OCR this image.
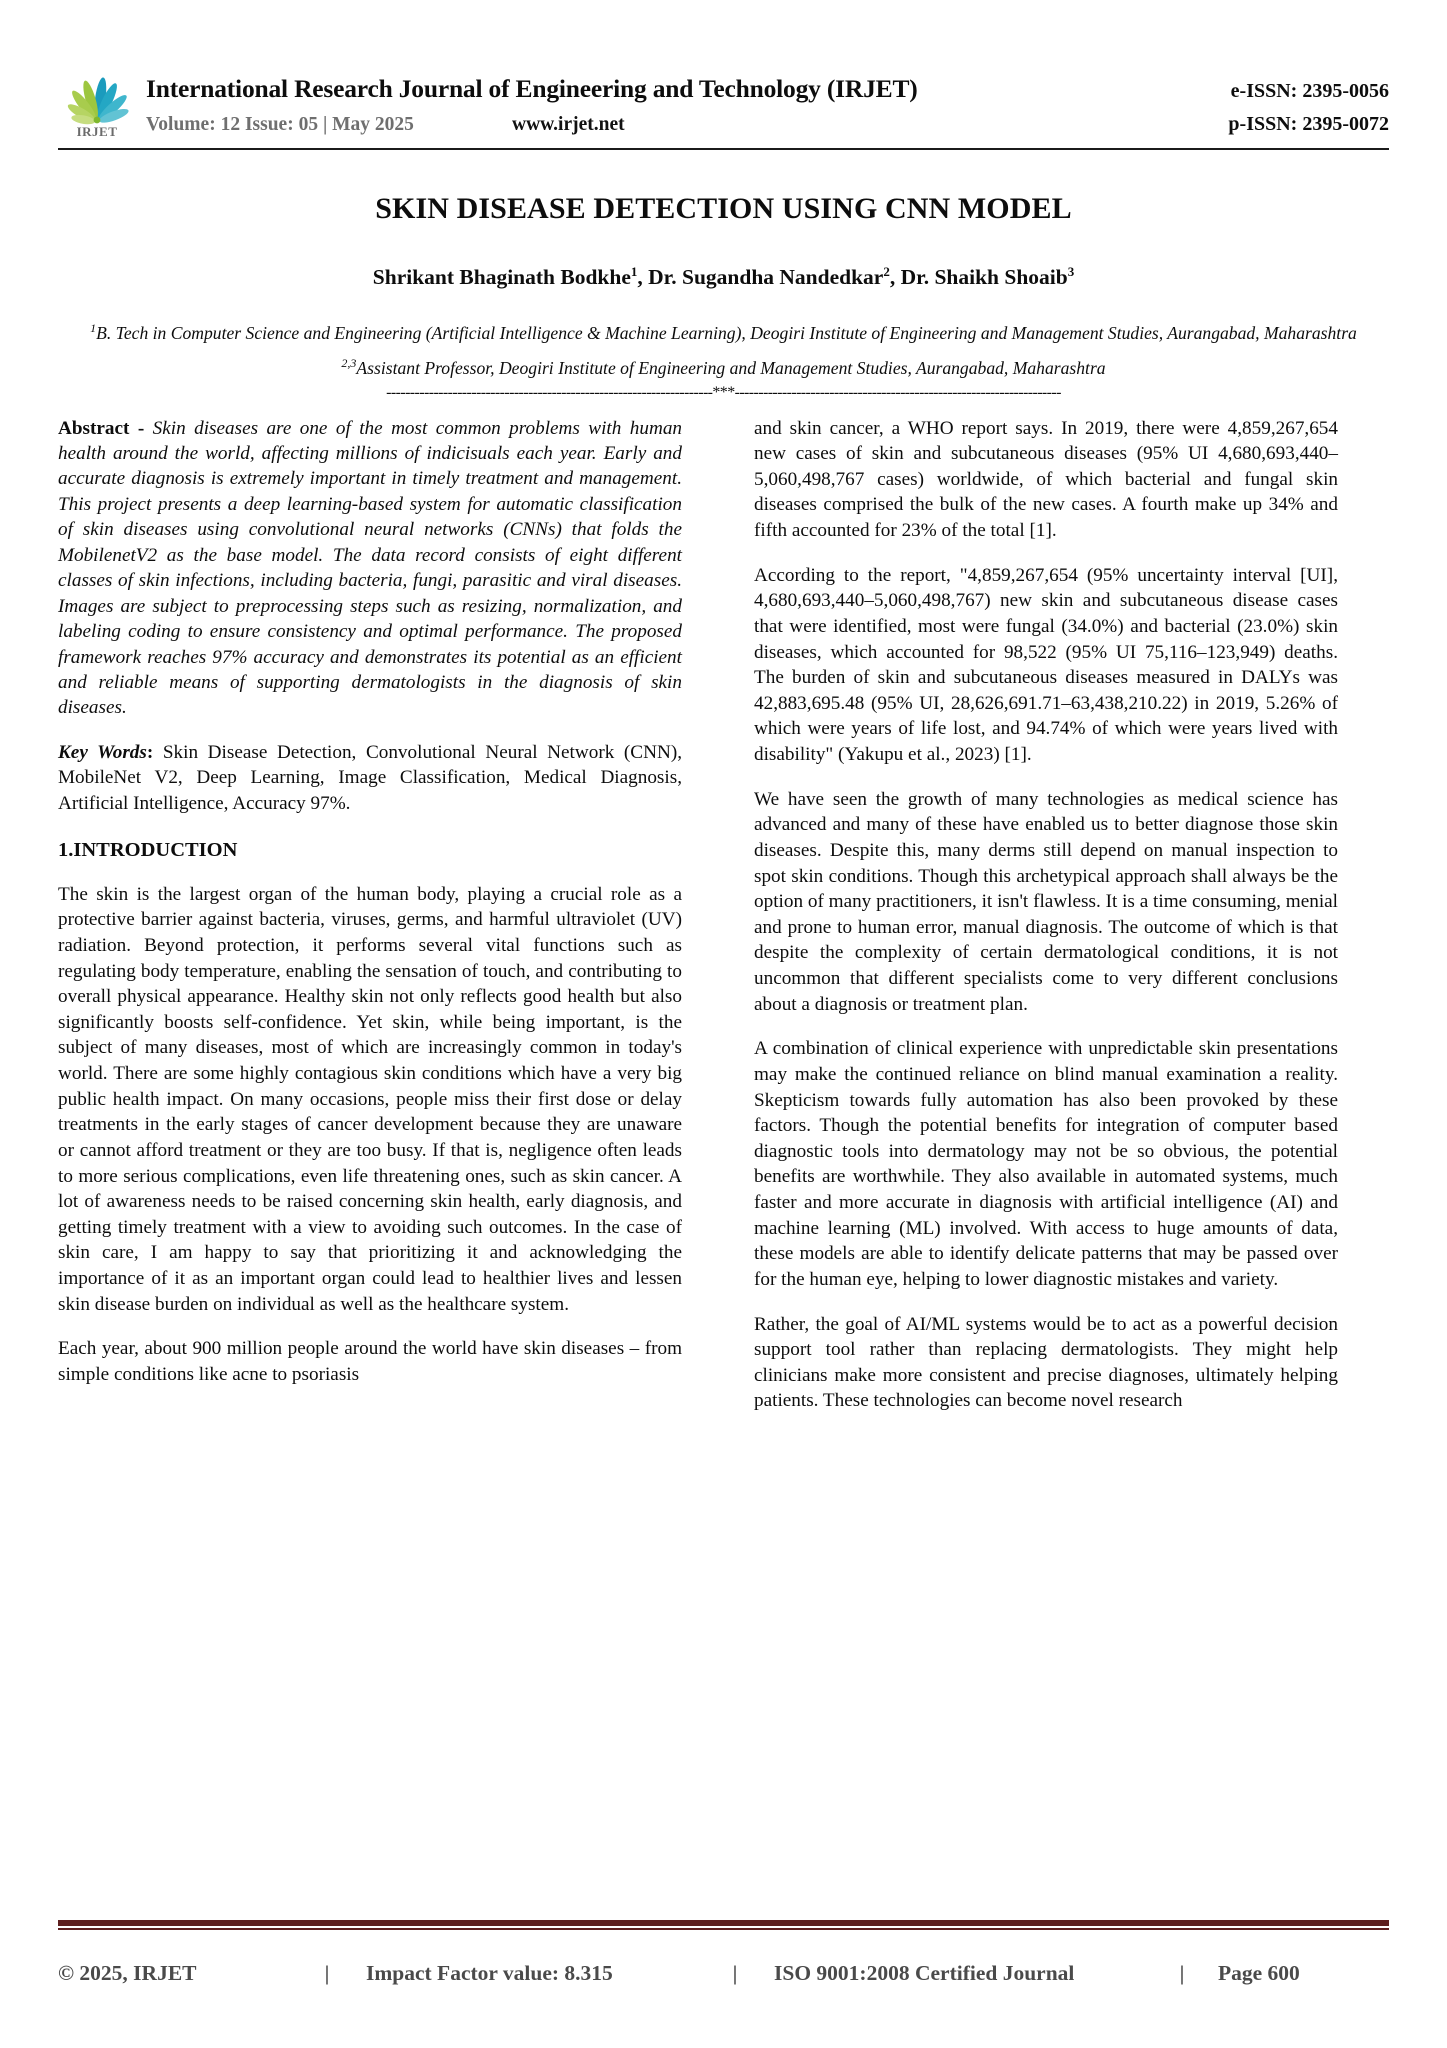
IRJET
International Research Journal of Engineering and Technology (IRJET)	e-ISSN: 2395-0056
Volume: 12 Issue: 05 | May 2025	www.irjet.net	p-ISSN: 2395-0072
SKIN DISEASE DETECTION USING CNN MODEL
Shrikant Bhaginath Bodkhe$^1$, Dr. Sugandha Nandedkar$^2$, Dr. Shaikh Shoaib$^3$
$^1$B. Tech in Computer Science and Engineering (Artificial Intelligence & Machine Learning), Deogiri Institute of Engineering and Management Studies, Aurangabad, Maharashtra
$^{2,3}$Assistant Professor, Deogiri Institute of Engineering and Management Studies, Aurangabad, Maharashtra
---------------------------------------------------------------------***---------------------------------------------------------------------

Abstract - Skin diseases are one of the most common problems with human health around the world, affecting millions of indicisuals each year. Early and accurate diagnosis is extremely important in timely treatment and management. This project presents a deep learning-based system for automatic classification of skin diseases using convolutional neural networks (CNNs) that folds the MobilenetV2 as the base model. The data record consists of eight different classes of skin infections, including bacteria, fungi, parasitic and viral diseases. Images are subject to preprocessing steps such as resizing, normalization, and labeling coding to ensure consistency and optimal performance. The proposed framework reaches 97% accuracy and demonstrates its potential as an efficient and reliable means of supporting dermatologists in the diagnosis of skin diseases.

Key Words: Skin Disease Detection, Convolutional Neural Network (CNN), MobileNet V2, Deep Learning, Image Classification, Medical Diagnosis, Artificial Intelligence, Accuracy 97%.

1.INTRODUCTION

The skin is the largest organ of the human body, playing a crucial role as a protective barrier against bacteria, viruses, germs, and harmful ultraviolet (UV) radiation. Beyond protection, it performs several vital functions such as regulating body temperature, enabling the sensation of touch, and contributing to overall physical appearance. Healthy skin not only reflects good health but also significantly boosts self-confidence. Yet skin, while being important, is the subject of many diseases, most of which are increasingly common in today's world. There are some highly contagious skin conditions which have a very big public health impact. On many occasions, people miss their first dose or delay treatments in the early stages of cancer development because they are unaware or cannot afford treatment or they are too busy. If that is, negligence often leads to more serious complications, even life threatening ones, such as skin cancer. A lot of awareness needs to be raised concerning skin health, early diagnosis, and getting timely treatment with a view to avoiding such outcomes. In the case of skin care, I am happy to say that prioritizing it and acknowledging the importance of it as an important organ could lead to healthier lives and lessen skin disease burden on individual as well as the healthcare system.

Each year, about 900 million people around the world have skin diseases – from simple conditions like acne to psoriasis

and skin cancer, a WHO report says. In 2019, there were 4,859,267,654 new cases of skin and subcutaneous diseases (95% UI 4,680,693,440–5,060,498,767 cases) worldwide, of which bacterial and fungal skin diseases comprised the bulk of the new cases. A fourth make up 34% and fifth accounted for 23% of the total [1].

According to the report, "4,859,267,654 (95% uncertainty interval [UI], 4,680,693,440–5,060,498,767) new skin and subcutaneous disease cases that were identified, most were fungal (34.0%) and bacterial (23.0%) skin diseases, which accounted for 98,522 (95% UI 75,116–123,949) deaths. The burden of skin and subcutaneous diseases measured in DALYs was 42,883,695.48 (95% UI, 28,626,691.71–63,438,210.22) in 2019, 5.26% of which were years of life lost, and 94.74% of which were years lived with disability" (Yakupu et al., 2023) [1].

We have seen the growth of many technologies as medical science has advanced and many of these have enabled us to better diagnose those skin diseases. Despite this, many derms still depend on manual inspection to spot skin conditions. Though this archetypical approach shall always be the option of many practitioners, it isn't flawless. It is a time consuming, menial and prone to human error, manual diagnosis. The outcome of which is that despite the complexity of certain dermatological conditions, it is not uncommon that different specialists come to very different conclusions about a diagnosis or treatment plan.

A combination of clinical experience with unpredictable skin presentations may make the continued reliance on blind manual examination a reality. Skepticism towards fully automation has also been provoked by these factors. Though the potential benefits for integration of computer based diagnostic tools into dermatology may not be so obvious, the potential benefits are worthwhile. They also available in automated systems, much faster and more accurate in diagnosis with artificial intelligence (AI) and machine learning (ML) involved. With access to huge amounts of data, these models are able to identify delicate patterns that may be passed over for the human eye, helping to lower diagnostic mistakes and variety.

Rather, the goal of AI/ML systems would be to act as a powerful decision support tool rather than replacing dermatologists. They might help clinicians make more consistent and precise diagnoses, ultimately helping patients. These technologies can become novel research

© 2025, IRJET	|	Impact Factor value: 8.315	|	ISO 9001:2008 Certified Journal	|	Page 600
